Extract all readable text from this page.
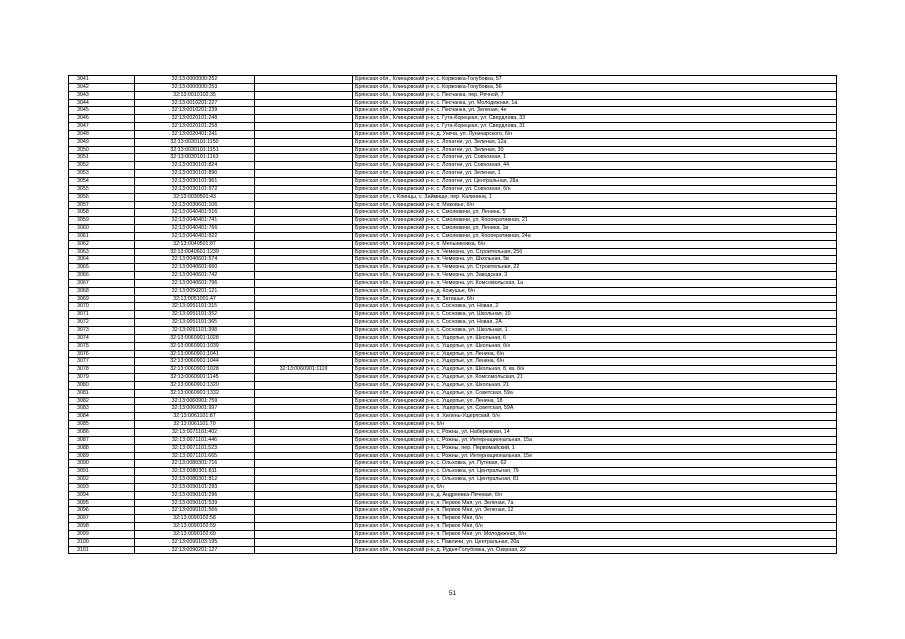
3041	32:13:0000000:252		Брянская обл., Клинцовский р-н, с. Коржовка-Голубовка, 57
3042	32:13:0000000:253		Брянская обл., Клинцовский р-н, с. Коржовка-Голубовка, 56
3043	32:13:0010102:35		Брянская обл., Клинцовский р-н, с. Песчанка, пер. Речной, 7
3044	32:13:0010201:227		Брянская обл., Клинцовский р-н, с. Песчанка, ул. Молодежная, 1а
3045	32:13:0010201:239		Брянская обл., Клинцовский р-н, с. Песчанка, ул. Зеленая, 4е
3046	32:13:0020101:248		Брянская обл., Клинцовский р-н, с. Гута-Корецкая, ул. Свердлова, 33
3047	32:13:0020101:258		Брянская обл., Клинцовский р-н, с. Гута-Корецкая, ул. Свердлова, 31
3048	32:13:0020401:241		Брянская обл., Клинцовский р-н, д. Унеча, ул. Луначарского, б/н
3049	32:13:0030101:1150		Брянская обл., Клинцовский р-н, с. Лопатни, ул. Зеленая, 12а
3050	32:13:0030101:1151		Брянская обл., Клинцовский р-н, с. Лопатни, ул. Зеленая, 30
3051	32:13:0030101:1163		Брянская обл., Клинцовский р-н, с. Лопатни, ул. Совхозная, 1
3052	32:13:0030101:824		Брянская обл., Клинцовский р-н, с. Лопатни, ул. Совхозная, 44
3053	32:13:0030101:890		Брянская обл., Клинцовский р-н, с. Лопатни, ул. Зеленая, 1
3054	32:13:0030101:961		Брянская обл., Клинцовский р-н, с. Лопатни, ул. Центральная, 28а
3055	32:13:0030101:972		Брянская обл., Клинцовский р-н, с. Лопатни, ул. Совхозная, б/н
3056	32:13:0030501:43		Брянская обл., г. Клинцы, с. Займище, пер. Калинина, 1
3057	32:13:0030601:106		Брянская обл., Клинцовский р-н, п. Маковье, б/н
3058	32:13:0040401:516		Брянская обл., Клинцовский р-н, с. Смолевичи, ул. Ленина, 5
3059	32:13:0040401:741		Брянская обл., Клинцовский р-н, с. Смолевичи, ул. Кооперативная, 21
3060	32:13:0040401:766		Брянская обл., Клинцовский р-н, с. Смолевичи, ул. Ленина, 1в
3061	32:13:0040401:822		Брянская обл., Клинцовский р-н, с. Смолевичи, ул. Кооперативная, 24а
3062	32:13:0040501:87		Брянская обл., Клинцовский р-н, п. Мельниковка, б/н
3063	32:13:0040601:1239		Брянская обл., Клинцовский р-н, п. Чемерна, ул. Строительная, 25б
3064	32:13:0040601:574		Брянская обл., Клинцовский р-н, п. Чемерна, ул. Школьная, 5в
3065	32:13:0040601:660		Брянская обл., Клинцовский р-н, п. Чемерна, ул. Строительная, 22
3066	32:13:0040601:742		Брянская обл., Клинцовский р-н, п. Чемерна, ул. Заводская, 3
3067	32:13:0040601:796		Брянская обл., Клинцовский р-н, п. Чемерна, ул. Комсомольская, 1а
3068	32:13:0050201:121		Брянская обл., Клинцовский р-н, д. Кожушье, б/н
3069	32:13:0051001:47		Брянская обл., Клинцовский р-н, п. Затишье, б/н
3070	32:13:0051101:315		Брянская обл., Клинцовский р-н, с. Сосновка, ул. Новая, 2
3071	32:13:0051101:352		Брянская обл., Клинцовский р-н, с. Сосновка, ул. Школьная, 10
3072	32:13:0051101:365		Брянская обл., Клинцовский р-н, с. Сосновка, ул. Новая, 2А
3073	32:13:0051101:398		Брянская обл., Клинцовский р-н, с. Сосновка, ул. Школьная, 1
3074	32:13:0060901:1028		Брянская обл., Клинцовский р-н, с. Ущерпье, ул. Школьная, 6
3075	32:13:0060901:1039		Брянская обл., Клинцовский р-н, с. Ущерпье, ул. Школьная, б/н
3076	32:13:0060901:1041		Брянская обл., Клинцовский р-н, с. Ущерпье, ул. Ленина, б/н
3077	32:13:0060901:1044		Брянская обл., Клинцовский р-н, с. Ущерпье, ул. Ленина, б/н
3078	32:13:0060901:1028	32:13:0060901:1119	Брянская обл., Клинцовский р-н, с. Ущерпье, ул. Школьная, 8, кв. б/н
3079	32:13:0060901:1145		Брянская обл., Клинцовский р-н, с. Ущерпье, ул. Комсомольская, 21
3080	32:13:0060901:1320		Брянская обл., Клинцовский р-н, с. Ущерпье, ул. Школьная, 21
3081	32:13:0060901:1332		Брянская обл., Клинцовский р-н, с. Ущерпье, ул. Советская, 59а
3082	32:13:0060901:759		Брянская обл., Клинцовский р-н, с. Ущерпье, ул. Ленина, 18
3083	32:13:0060901:997		Брянская обл., Клинцовский р-н, с. Ущерпье, ул. Советская, 59А
3084	32:13:0061101:87		Брянская обл., Клинцовский р-н, п. Хилень-Ущерпский, б/н
3085	32:13:0061101:70		Брянская обл., Клинцовский р-н, б/н
3086	32:13:0071101:402		Брянская обл., Клинцовский р-н, с. Рожны, ул. Набережная, 14
3087	32:13:0071101:446		Брянская обл., Клинцовский р-н, с. Рожны, ул. Интернациональная, 15а
3088	32:13:0071101:523		Брянская обл., Клинцовский р-н, с. Рожны, пер. Первомайский, 1
3089	32:13:0071101:665		Брянская обл., Клинцовский р-н, с. Рожны, ул. Интернациональная, 15е
3090	32:13:0080301:716		Брянская обл., Клинцовский р-н, с. Ольховка, ул. Путевая, 62
3091	32:13:0080301:811		Брянская обл., Клинцовский р-н, с. Ольховка, ул. Центральная, 79
3092	32:13:0080301:812		Брянская обл., Клинцовский р-н, с. Ольховка, ул. Центральная, 81
3093	32:13:0090101:293		Брянская обл., Клинцовский р-н, б/н
3094	32:13:0090101:296		Брянская обл., Клинцовский р-н, д. Андреевка-Печевая, б/н
3095	32:13:0090101:539		Брянская обл., Клинцовский р-н, п. Первое Мая, ул. Зеленая, 7а
3096	32:13:0090101:566		Брянская обл., Клинцовский р-н, п. Первое Мая, ул. Зеленая, 12
3097	32:13:0090102:58		Брянская обл., Клинцовский р-н, п. Первое Мая, б/н
3098	32:13:0090102:59		Брянская обл., Клинцовский р-н, п. Первое Мая, б/н
3099	32:13:0090102:60		Брянская обл., Клинцовский р-н, п. Первое Мая, ул. Молодежная, б/н
3100	32:13:0090103:195		Брянская обл., Клинцовский р-н, с. Павличи, ул. Центральная, 20а
3101	32:13:0090201:127		Брянская обл., Клинцовский р-н, д. Рудня-Голубовка, ул. Озерная, 22
51
